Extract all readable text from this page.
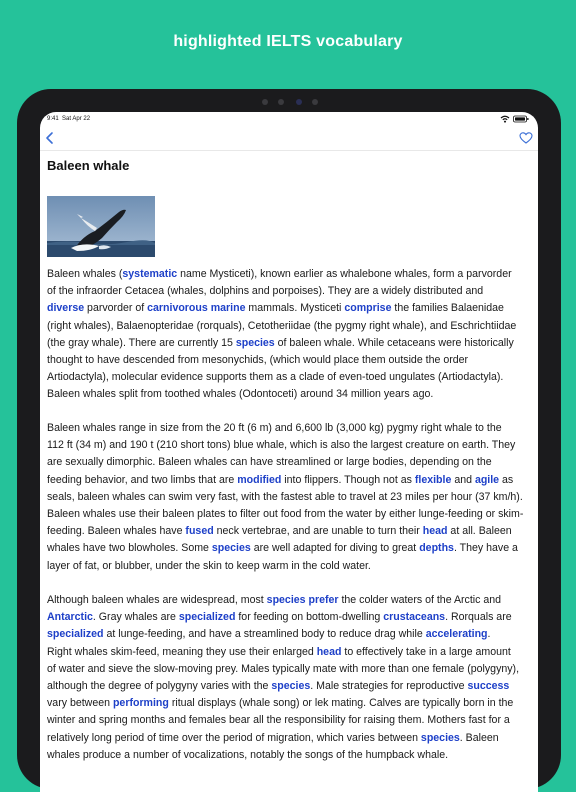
highlighted IELTS vocabulary
9:41 Sat Apr 22
Baleen whale

Baleen whales (systematic name Mysticeti), known earlier as whalebone whales, form a parvorder
of the infraorder Cetacea (whales, dolphins and porpoises). They are a widely distributed and
diverse parvorder of carnivorous marine mammals. Mysticeti comprise the families Balaenidae
(right whales), Balaenopteridae (rorquals), Cetotheriidae (the pygmy right whale), and Eschrichtiidae
(the gray whale). There are currently 15 species of baleen whale. While cetaceans were historically
thought to have descended from mesonychids, (which would place them outside the order
Artiodactyla), molecular evidence supports them as a clade of even-toed ungulates (Artiodactyla).
Baleen whales split from toothed whales (Odontoceti) around 34 million years ago.

Baleen whales range in size from the 20 ft (6 m) and 6,600 lb (3,000 kg) pygmy right whale to the
112 ft (34 m) and 190 t (210 short tons) blue whale, which is also the largest creature on earth. They
are sexually dimorphic. Baleen whales can have streamlined or large bodies, depending on the
feeding behavior, and two limbs that are modified into flippers. Though not as flexible and agile as
seals, baleen whales can swim very fast, with the fastest able to travel at 23 miles per hour (37 km/h).
Baleen whales use their baleen plates to filter out food from the water by either lunge-feeding or skim-
feeding. Baleen whales have fused neck vertebrae, and are unable to turn their head at all. Baleen
whales have two blowholes. Some species are well adapted for diving to great depths. They have a
layer of fat, or blubber, under the skin to keep warm in the cold water.

Although baleen whales are widespread, most species prefer the colder waters of the Arctic and
Antarctic. Gray whales are specialized for feeding on bottom-dwelling crustaceans. Rorquals are
specialized at lunge-feeding, and have a streamlined body to reduce drag while accelerating.
Right whales skim-feed, meaning they use their enlarged head to effectively take in a large amount
of water and sieve the slow-moving prey. Males typically mate with more than one female (polygyny),
although the degree of polygyny varies with the species. Male strategies for reproductive success
vary between performing ritual displays (whale song) or lek mating. Calves are typically born in the
winter and spring months and females bear all the responsibility for raising them. Mothers fast for a
relatively long period of time over the period of migration, which varies between species. Baleen
whales produce a number of vocalizations, notably the songs of the humpback whale.
